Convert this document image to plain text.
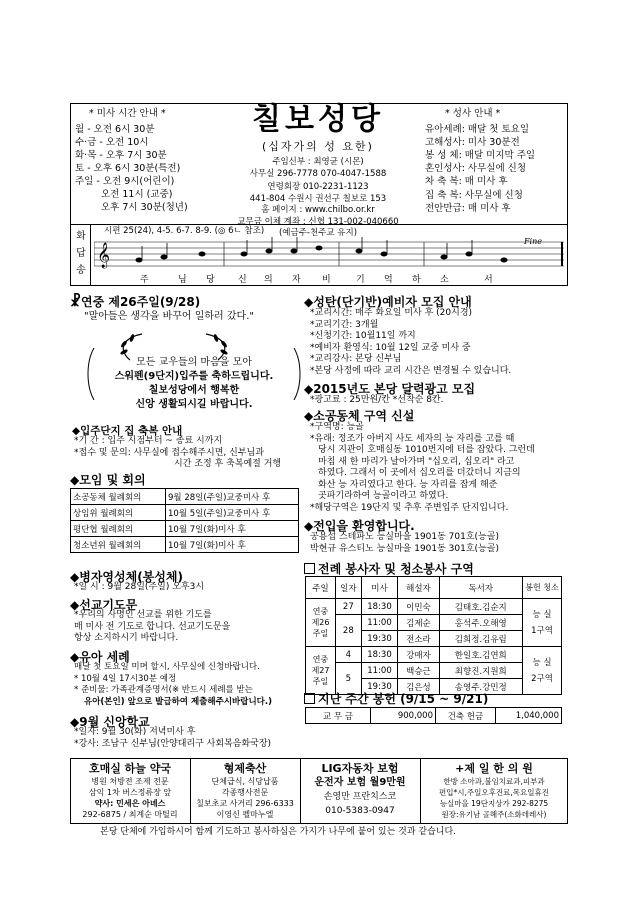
* 미사 시간 안내 *
월 - 오전 6시 30분
수·금 - 오전 10시
화·목 - 오후 7시 30분
토 - 오후 6시 30분(특전)
주일 - 오전 9시(어린이)
오전 11시 (교중)
오후 7시 30분(청년)
칠보성당
(십자가의 성 요한)
주임신부 : 최영균 (시몬)
사무실 296-7778 070-4047-1588
연령회장 010-2231-1123
441-804 수원시 권선구 칠보로 153
홈 페이지 : www.chilbo.or.kr
교무금 이체 계좌 : 신협 131-002-040660
(예금주-천주교 유지)
* 성사 안내 *
유아세례: 매달 첫 토요일
고해성사: 미사 30분전
봉 성 체: 매달 미지막 주일
혼인성사: 사무실에 신청
차 축 복: 매 미사 후
집 축 복: 사무실에 신청
전안만급: 매 미사 후
화
답
송
시편 25(24), 4-5. 6-7. 8-9. (◎ 6ㄴ 참조)
𝄞
Fine
주	님 당	신 의 자 비	기 억 하 소	서
☧연중 제26주일(9/28)
"말아들은 생각을 바꾸어 일하러 갔다."
모든 교우들의 마음을 모아
스워펜(9단지)입주를 축하드립니다.
칠보성당에서 행복한
신앙 생활되시길 바랍니다.
◆입주단지 집 축복 안내
*기 간 : 입주 시점부터 ~ 종료 시까지
*접수 및 문의: 사무실에 접수해주시면, 신부님과
시간 조정 후 축복예절 거행
◆모임 및 회의
소공동체 월례회의	9월 28일(주일)교중미사 후
상임위 월례회의	10월 5일(주일)교중미사 후
평단협 월례회의	10월 7일(화)미사 후
청소년위 월례회의	10월 7일(화)미사 후
◆병자영성체(봉성체)
*일 시 : 9월 28일(주일) 오후3시
◆선교기도문
*우리의 사명인 선교를 위한 기도를
매 미사 전 기도로 합니다. 선교기도문을
항상 소지하시기 바랍니다.
◆유아 세례
매달 첫 토요일 미며 할시, 사무실에 신청바랍니다.
* 10월 4일 17시30분 예정
* 준비물: 가족관계증명서(※ 반드시 세례를 받는
유아(본인) 앞으로 발급하여 제출해주시바랍니다.)
◆9월 신앙학교
*일자: 9월 30(화) 저녁미사 후
*강사: 조남구 신부님(안양대리구 사회복음화국장)
◆성탄(단기반)예비자 모집 안내
*교리시간: 매주 화요일 미사 후 (20시경)
*교리기간: 3개월
*신청기간: 10월11일 까지
*예비자 환영식: 10월 12일 교중 미사 중
*교리강사: 본당 신부님
*본당 사정에 따라 교리 시간은 변경될 수 있습니다.
◆2015년도 본당 달력광고 모집
*광고료 : 25만원/칸 *선착순 8칸.
◆소공동체 구역 신설
*구역명: 능골
*유래: 정조가 아버지 사도 세자의 능 자리를 고를 때
당시 지관이 호매실동 1010번지에 터를 잡았다. 그런데
마침 새 한 마리가 날아가며 "십오리, 십오리" 라고
하였다. 그래서 이 곳에서 십오리를 더갔더니 지금의
화산 능 자리였다고 한다. 능 자리를 잡게 해준
곳파기라하여 능골이라고 하였다.
*해당구역은 19단지 및 추후 주변입주 단지입니다.
◆전입을 환영합니다.
공용섭 스테파노 능실마을 1901동 701호(능골)
박현규 유스티노 능실마을 1901동 301호(능골)
전례 봉사자 및 청소봉사 구역
주일	일자	미사	해설자	독서자	봉헌 청소
연중 제26 주일	27	18:30	이민숙	김태호.김순지	능 실
1구역

	28	11:00	김제순	홍석주.오해영	
		19:30	전소라	김희정.김유림	
연중 제27 주일	4	18:30	강매자	한일호.김연희	능 실
2구역

	5	11:00	백승근	최향진.지원희	
		19:30	김은성	송영주.강민정	
지난 주간 봉헌 (9/15 ~ 9/21)
교 무 금	900,000	건축 헌금	1,040,000
호매실 하늘 약국
병원 처방전 조제 전문
삼익 1차 버스정류장 앞
약사: 민세은 아녜스
292-6875 / 최계순 마틸리
형제축산
단체급식, 식당납품
각종행사전문
칠보초교 사거리 296-6333
이영신 펠마누엘
LIG자동차 보험
운전자 보험 월9만원
손영만 프란치스코
010-5383-0947
+제 일 한 의 원
한방 소아과,불임치료과,피부과
편입*시,주일오후진료,목요일휴진
능실마을 19단지상가 292-8275
원장:유기남 골혜주(소화데레사)
본당 단체에 가입하시어 함께 기도하고 봉사하심은 가지가 나무에 붙어 있는 것과 같습니다.
